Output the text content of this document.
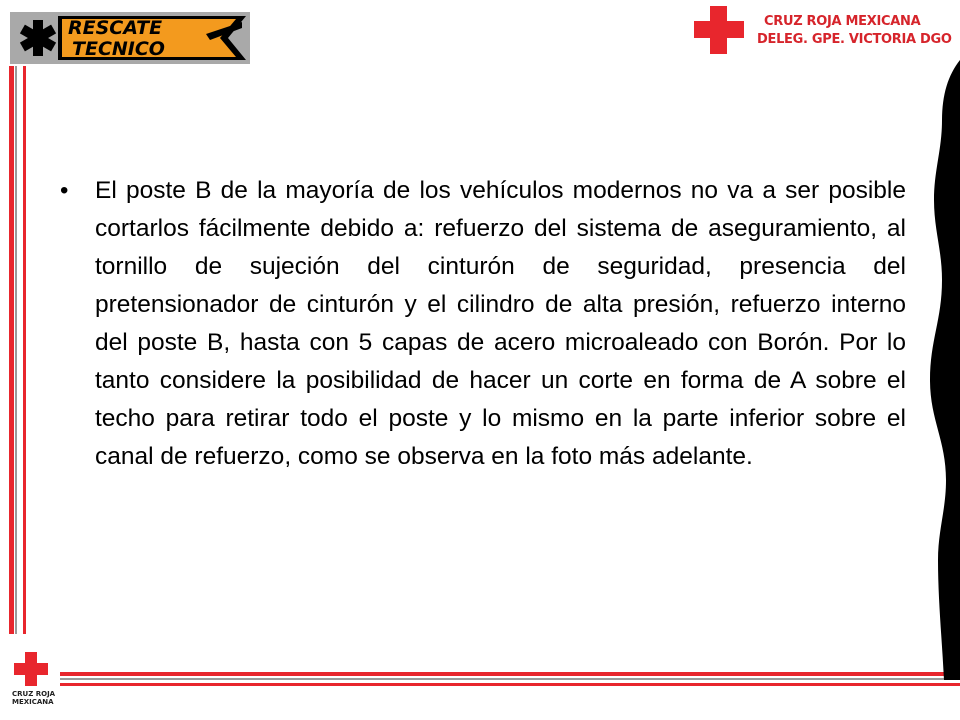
RESCATE
TECNICO
CRUZ ROJA MEXICANA
DELEG. GPE. VICTORIA DGO
CRUZ ROJA
MEXICANA
• El poste B de la mayoría de los vehículos modernos no va a ser posible cortarlos fácilmente debido a: refuerzo del sistema de aseguramiento, al tornillo de sujeción del cinturón de seguridad, presencia del pretensionador de cinturón y el cilindro de alta presión, refuerzo interno del poste B, hasta con 5 capas de acero microaleado con Borón. Por lo tanto considere la posibilidad de hacer un corte en forma de A sobre el techo para retirar todo el poste y lo mismo en la parte inferior sobre el canal de refuerzo, como se observa en la foto más adelante.
